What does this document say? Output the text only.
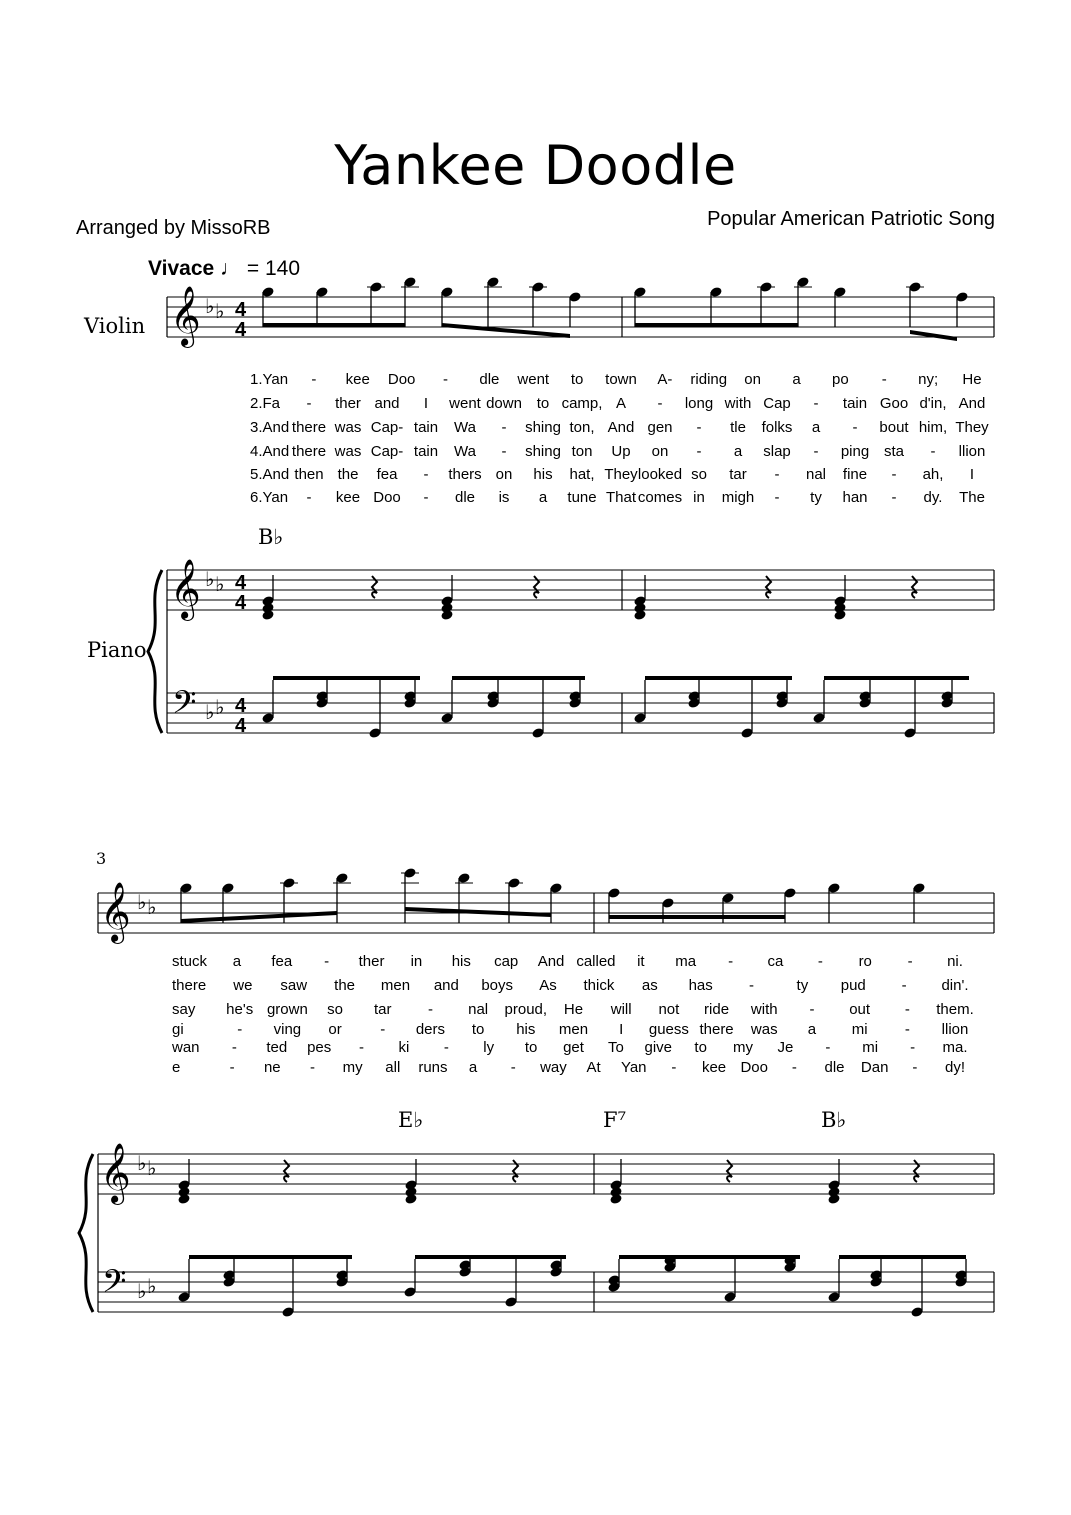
Yankee Doodle
Arranged by MissoRB	Popular American Patriotic Song
Vivace ♩ = 140
Violin
Piano
3
B♭
E♭	F⁷	B♭
1.Yan - kee Doo - dle went to town A- riding on a po - ny; He
2.Fa - ther and I went down to camp, A - long with Cap - tain Goo d'in, And
3.And there was Cap- tain Wa - shing ton, And gen - tle folks a - bout him, They
4.And there was Cap- tain Wa - shing ton Up on - a slap - ping sta - llion
5.And then the fea - thers on his hat, They looked so tar - nal fine - ah, I
6.Yan - kee Doo - dle is a tune That comes in migh - ty han - dy. The
stuck a fea - ther in his cap And called it ma - ca - ro - ni.
there we saw the men and boys As thick as has -	ty pud - din'.
say he's grown so tar - nal proud, He will not ride with - out - them.
gi	- ving or	- ders to his men I guess there was a mi - llion
wan - ted pes - ki - ly to get To give to my Je - mi - ma.
e	- ne - my all runs a - way At Yan - kee Doo - dle Dan - dy!
𝄞 ♭ ♭ 4
4
𝄞 ♭ ♭ 4
4
𝄢 ♭ ♭ 4
4
𝄞 ♭ ♭
𝄞 ♭ ♭
𝄢 ♭ ♭
